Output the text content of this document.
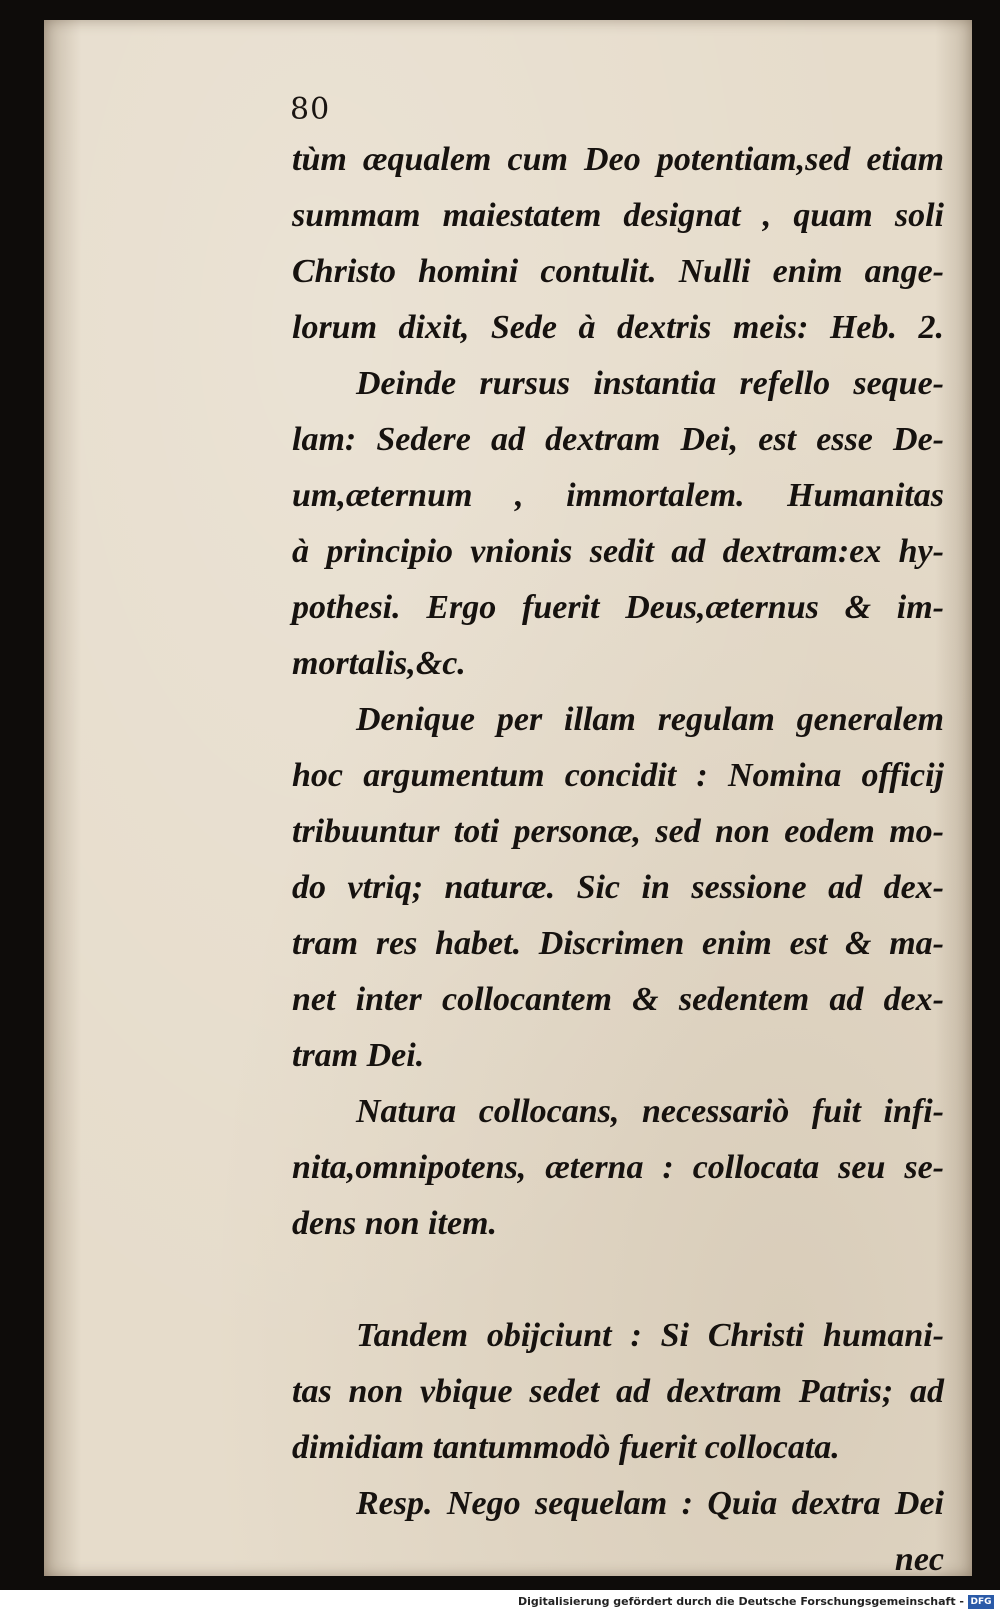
80
tùm æqualem cum Deo potentiam,sed etiam
summam maiestatem designat , quam soli
Christo homini contulit. Nulli enim ange-
lorum dixit, Sede à dextris meis: Heb. 2.
Deinde rursus instantia refello seque-
lam: Sedere ad dextram Dei, est esse De-
um,æternum , immortalem. Humanitas
à principio vnionis sedit ad dextram:ex hy-
pothesi. Ergo fuerit Deus,æternus & im-
mortalis,&c.
Denique per illam regulam generalem
hoc argumentum concidit : Nomina officij
tribuuntur toti personæ, sed non eodem mo-
do vtriq; naturæ. Sic in sessione ad dex-
tram res habet. Discrimen enim est & ma-
net inter collocantem & sedentem ad dex-
tram Dei.
Natura collocans, necessariò fuit infi-
nita,omnipotens, æterna : collocata seu se-
dens non item.
Tandem obijciunt : Si Christi humani-
tas non vbique sedet ad dextram Patris; ad
dimidiam tantummodò fuerit collocata.
Resp. Nego sequelam : Quia dextra Dei
nec
Digitalisierung gefördert durch die Deutsche Forschungsgemeinschaft - DFG
